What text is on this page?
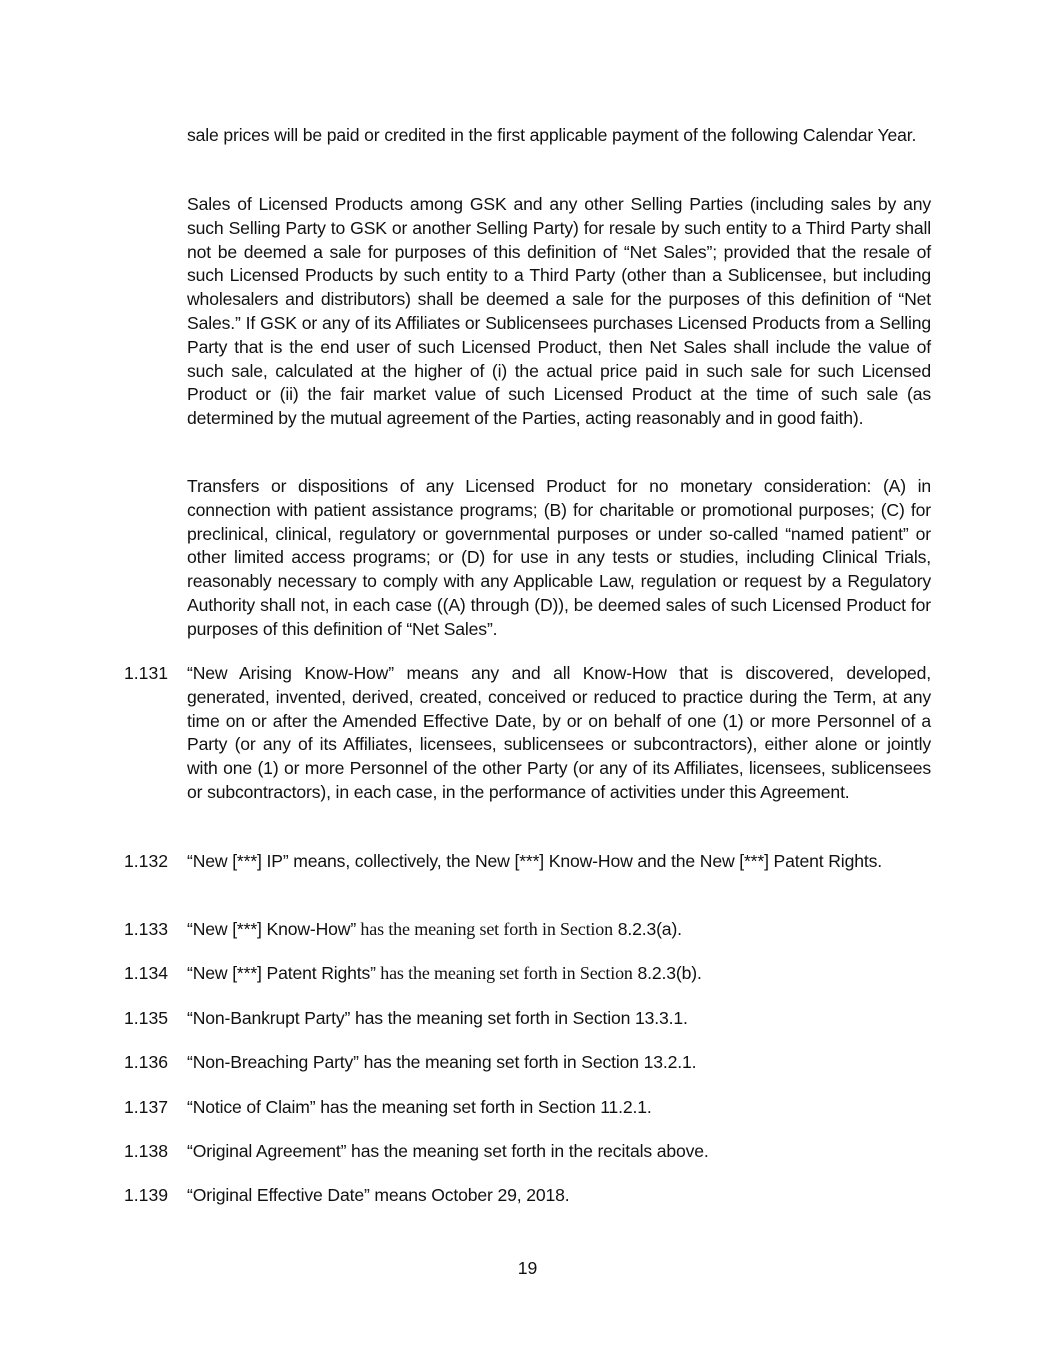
sale prices will be paid or credited in the first applicable payment of the following Calendar Year.

Sales of Licensed Products among GSK and any other Selling Parties (including sales by any such Selling Party to GSK or another Selling Party) for resale by such entity to a Third Party shall not be deemed a sale for purposes of this definition of “Net Sales”; provided that the resale of such Licensed Products by such entity to a Third Party (other than a Sublicensee, but including wholesalers and distributors) shall be deemed a sale for the purposes of this definition of “Net Sales.” If GSK or any of its Affiliates or Sublicensees purchases Licensed Products from a Selling Party that is the end user of such Licensed Product, then Net Sales shall include the value of such sale, calculated at the higher of (i) the actual price paid in such sale for such Licensed Product or (ii) the fair market value of such Licensed Product at the time of such sale (as determined by the mutual agreement of the Parties, acting reasonably and in good faith).

Transfers or dispositions of any Licensed Product for no monetary consideration: (A) in connection with patient assistance programs; (B) for charitable or promotional purposes; (C) for preclinical, clinical, regulatory or governmental purposes or under so-called “named patient” or other limited access programs; or (D) for use in any tests or studies, including Clinical Trials, reasonably necessary to comply with any Applicable Law, regulation or request by a Regulatory Authority shall not, in each case ((A) through (D)), be deemed sales of such Licensed Product for purposes of this definition of “Net Sales”.

1.131	“New Arising Know-How” means any and all Know-How that is discovered, developed, generated, invented, derived, created, conceived or reduced to practice during the Term, at any time on or after the Amended Effective Date, by or on behalf of one (1) or more Personnel of a Party (or any of its Affiliates, licensees, sublicensees or subcontractors), either alone or jointly with one (1) or more Personnel of the other Party (or any of its Affiliates, licensees, sublicensees or subcontractors), in each case, in the performance of activities under this Agreement.
1.132	“New [***] IP” means, collectively, the New [***] Know-How and the New [***] Patent Rights.
1.133	“New [***] Know-How” has the meaning set forth in Section 8.2.3(a).
1.134	“New [***] Patent Rights” has the meaning set forth in Section 8.2.3(b).
1.135	“Non-Bankrupt Party” has the meaning set forth in Section 13.3.1.
1.136	“Non-Breaching Party” has the meaning set forth in Section 13.2.1.
1.137	“Notice of Claim” has the meaning set forth in Section 11.2.1.
1.138	“Original Agreement” has the meaning set forth in the recitals above.
1.139	“Original Effective Date” means October 29, 2018.
19
